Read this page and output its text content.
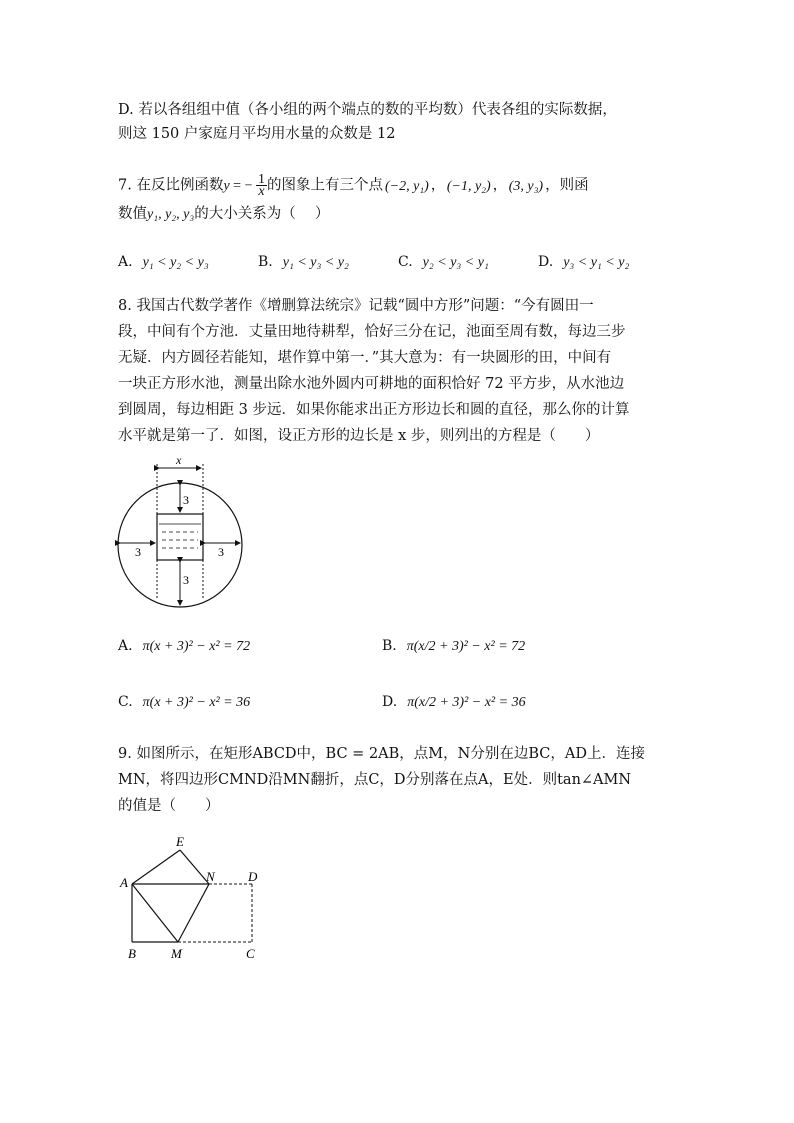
D. 若以各组组中值（各小组的两个端点的数的平均数）代表各组的实际数据，
则这 150 户家庭月平均用水量的众数是 12
7. 在反比例函数y = − $\frac{1}{x}$ 的图象上有三个点 (−2, y₁) ， (−1, y₂) ， (3, y₃) ，则函
数值y₁, y₂, y₃的大小关系为（　 ）
A. y₁ < y₂ < y₃	B. y₁ < y₃ < y₂	C. y₂ < y₃ < y₁	D. y₃ < y₁ < y₂
8. 我国古代数学著作《增删算法统宗》记载“圆中方形”问题：“今有圆田一
段，中间有个方池．丈量田地待耕犁，恰好三分在记，池面至周有数，每边三步
无疑．内方圆径若能知，堪作算中第一．”其大意为：有一块圆形的田，中间有
一块正方形水池，测量出除水池外圆内可耕地的面积恰好 72 平方步，从水池边
到圆周，每边相距 3 步远．如果你能求出正方形边长和圆的直径，那么你的计算
水平就是第一了．如图，设正方形的边长是 x 步，则列出的方程是（　　）
x
3
3	3
3
A. π(x + 3)² − x² = 72	B. π(x/2 + 3)² − x² = 72
C. π(x + 3)² − x² = 36	D. π(x/2 + 3)² − x² = 36
9. 如图所示，在矩形ABCD中，BC = 2AB，点M，N分别在边BC，AD上．连接
MN，将四边形CMND沿MN翻折，点C，D分别落在点A，E处．则tan∠AMN
的值是（　　）
E
A	N	D
B	M	C
